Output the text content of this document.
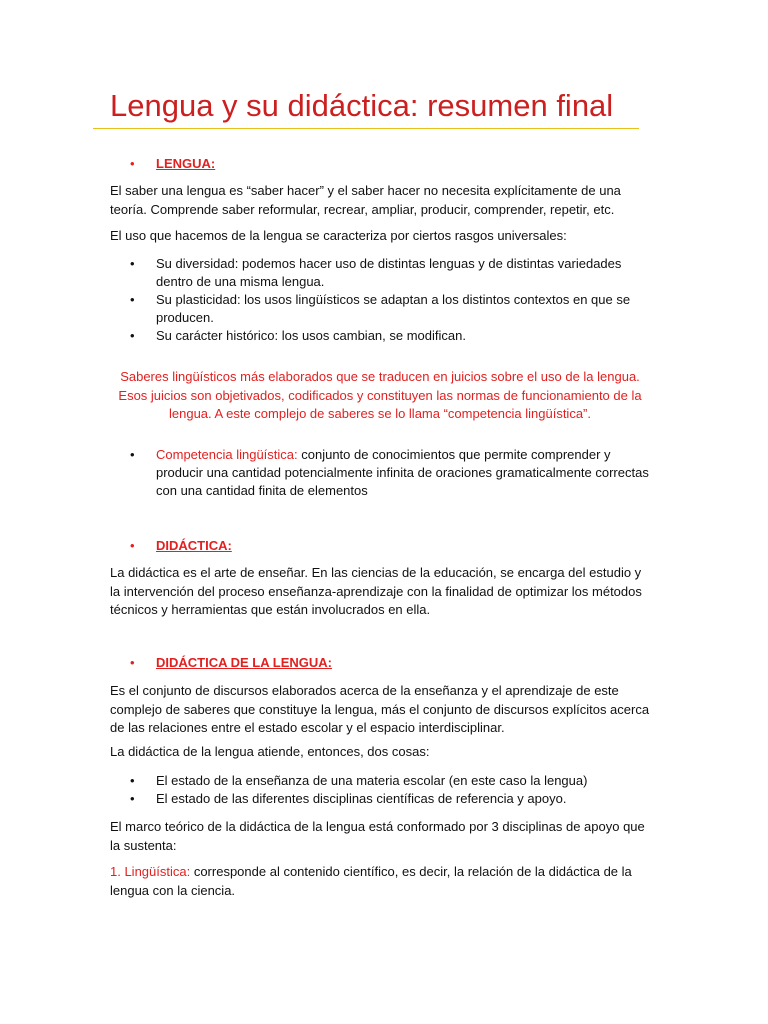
Lengua y su didáctica: resumen final
•	LENGUA:

El saber una lengua es “saber hacer” y el saber hacer no necesita explícitamente de una teoría. Comprende saber reformular, recrear, ampliar, producir, comprender, repetir, etc.

El uso que hacemos de la lengua se caracteriza por ciertos rasgos universales:

•	Su diversidad: podemos hacer uso de distintas lenguas y de distintas variedades dentro de una misma lengua.
•	Su plasticidad: los usos lingüísticos se adaptan a los distintos contextos en que se producen.
•	Su carácter histórico: los usos cambian, se modifican.

Saberes lingüísticos más elaborados que se traducen en juicios sobre el uso de la lengua. Esos juicios son objetivados, codificados y constituyen las normas de funcionamiento de la lengua. A este complejo de saberes se lo llama “competencia lingüística”.

•	Competencia lingüística: conjunto de conocimientos que permite comprender y producir una cantidad potencialmente infinita de oraciones gramaticalmente correctas con una cantidad finita de elementos
•	DIDÁCTICA:

La didáctica es el arte de enseñar. En las ciencias de la educación, se encarga del estudio y la intervención del proceso enseñanza-aprendizaje con la finalidad de optimizar los métodos técnicos y herramientas que están involucrados en ella.

•	DIDÁCTICA DE LA LENGUA:

Es el conjunto de discursos elaborados acerca de la enseñanza y el aprendizaje de este complejo de saberes que constituye la lengua, más el conjunto de discursos explícitos acerca de las relaciones entre el estado escolar y el espacio interdisciplinar.

La didáctica de la lengua atiende, entonces, dos cosas:

•	El estado de la enseñanza de una materia escolar (en este caso la lengua)
•	El estado de las diferentes disciplinas científicas de referencia y apoyo.

El marco teórico de la didáctica de la lengua está conformado por 3 disciplinas de apoyo que la sustenta:

1. Lingüística: corresponde al contenido científico, es decir, la relación de la didáctica de la lengua con la ciencia.
